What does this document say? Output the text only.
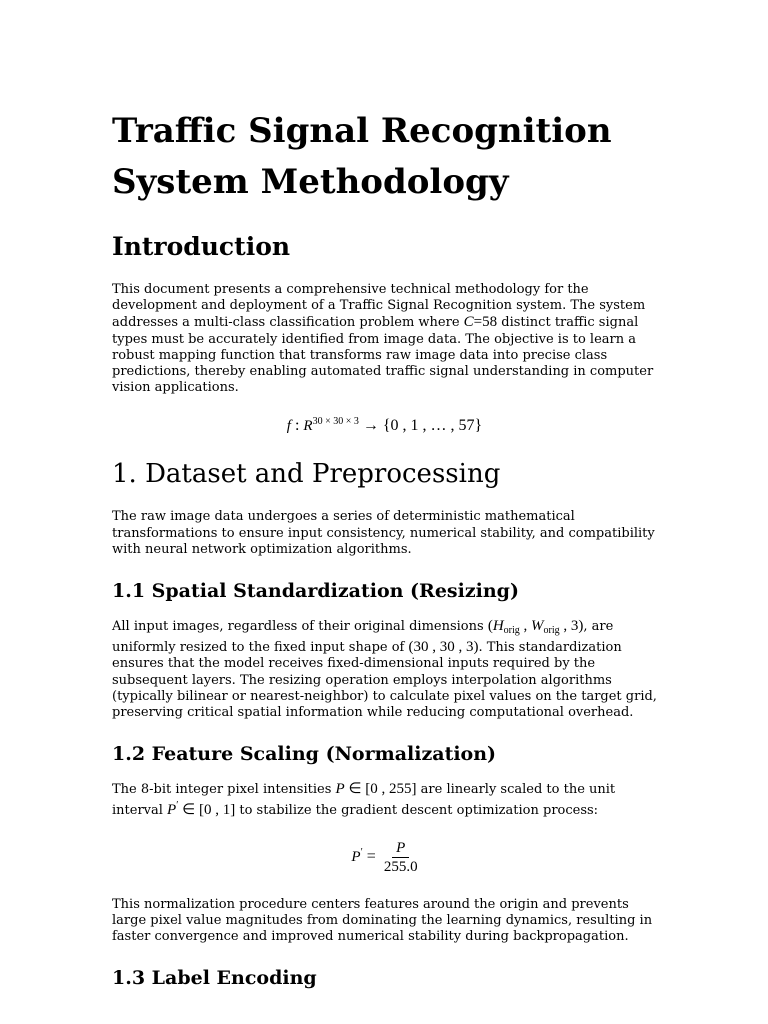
Traffic Signal Recognition System Methodology
Introduction

This document presents a comprehensive technical methodology for the development and deployment of a Traffic Signal Recognition system. The system addresses a multi-class classification problem where C=58 distinct traffic signal types must be accurately identified from image data. The objective is to learn a robust mapping function that transforms raw image data into precise class predictions, thereby enabling automated traffic signal understanding in computer vision applications.

f : $R^{30 \times 30 \times 3} \to \{0$ , 1 , … , 57}
1. Dataset and Preprocessing

The raw image data undergoes a series of deterministic mathematical transformations to ensure input consistency, numerical stability, and compatibility with neural network optimization algorithms.

1.1 Spatial Standardization (Resizing)

All input images, regardless of their original dimensions ($H_{orig}$ , $W_{orig}$ , 3), are uniformly resized to the fixed input shape of (30 , 30 , 3). This standardization ensures that the model receives fixed-dimensional inputs required by the subsequent layers. The resizing operation employs interpolation algorithms (typically bilinear or nearest-neighbor) to calculate pixel values on the target grid, preserving critical spatial information while reducing computational overhead.

1.2 Feature Scaling (Normalization)

The 8-bit integer pixel intensities P ∈ [0 , 255] are linearly scaled to the unit interval P′ ∈ [0 , 1] to stabilize the gradient descent optimization process:

$P' = \frac{P}{255.0}$

This normalization procedure centers features around the origin and prevents large pixel value magnitudes from dominating the learning dynamics, resulting in faster convergence and improved numerical stability during backpropagation.

1.3 Label Encoding
